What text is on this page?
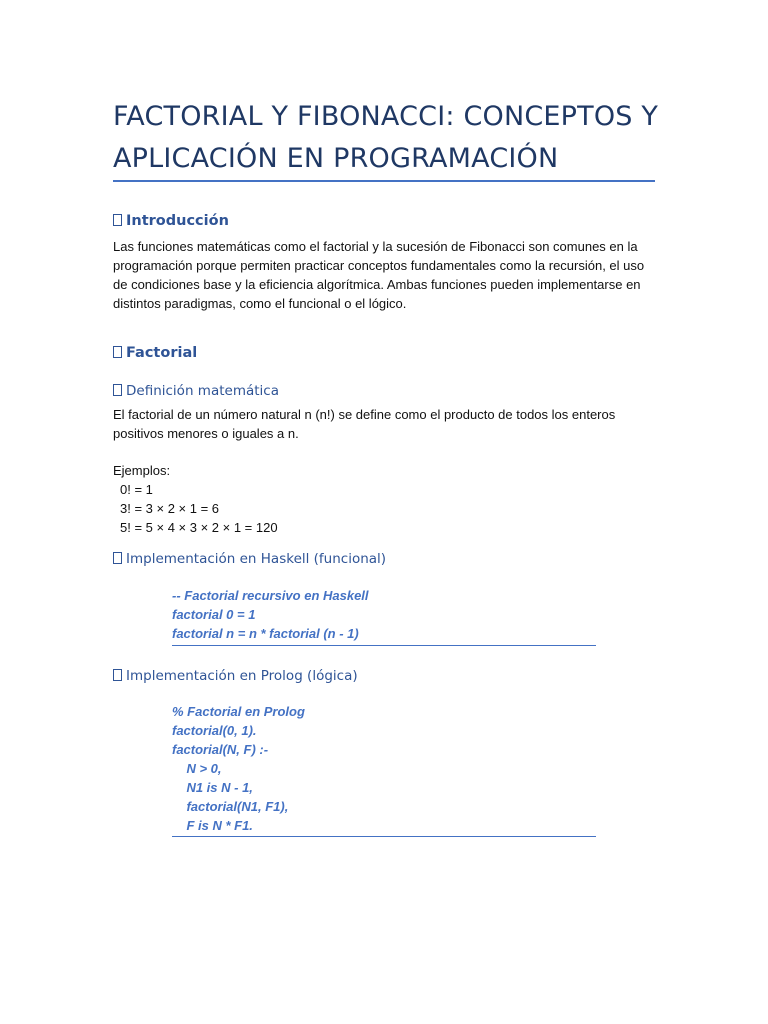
FACTORIAL Y FIBONACCI: CONCEPTOS Y APLICACIÓN EN PROGRAMACIÓN
Introducción

Las funciones matemáticas como el factorial y la sucesión de Fibonacci son comunes en la programación porque permiten practicar conceptos fundamentales como la recursión, el uso de condiciones base y la eficiencia algorítmica. Ambas funciones pueden implementarse en distintos paradigmas, como el funcional o el lógico.

Factorial
Definición matemática

El factorial de un número natural n (n!) se define como el producto de todos los enteros positivos menores o iguales a n.

Ejemplos:
0! = 1
3! = 3 × 2 × 1 = 6
5! = 5 × 4 × 3 × 2 × 1 = 120
Implementación en Haskell (funcional)
-- Factorial recursivo en Haskell
factorial 0 = 1
factorial n = n * factorial (n - 1)
Implementación en Prolog (lógica)
% Factorial en Prolog
factorial(0, 1).
factorial(N, F) :-
N > 0,
N1 is N - 1,
factorial(N1, F1),
F is N * F1.
